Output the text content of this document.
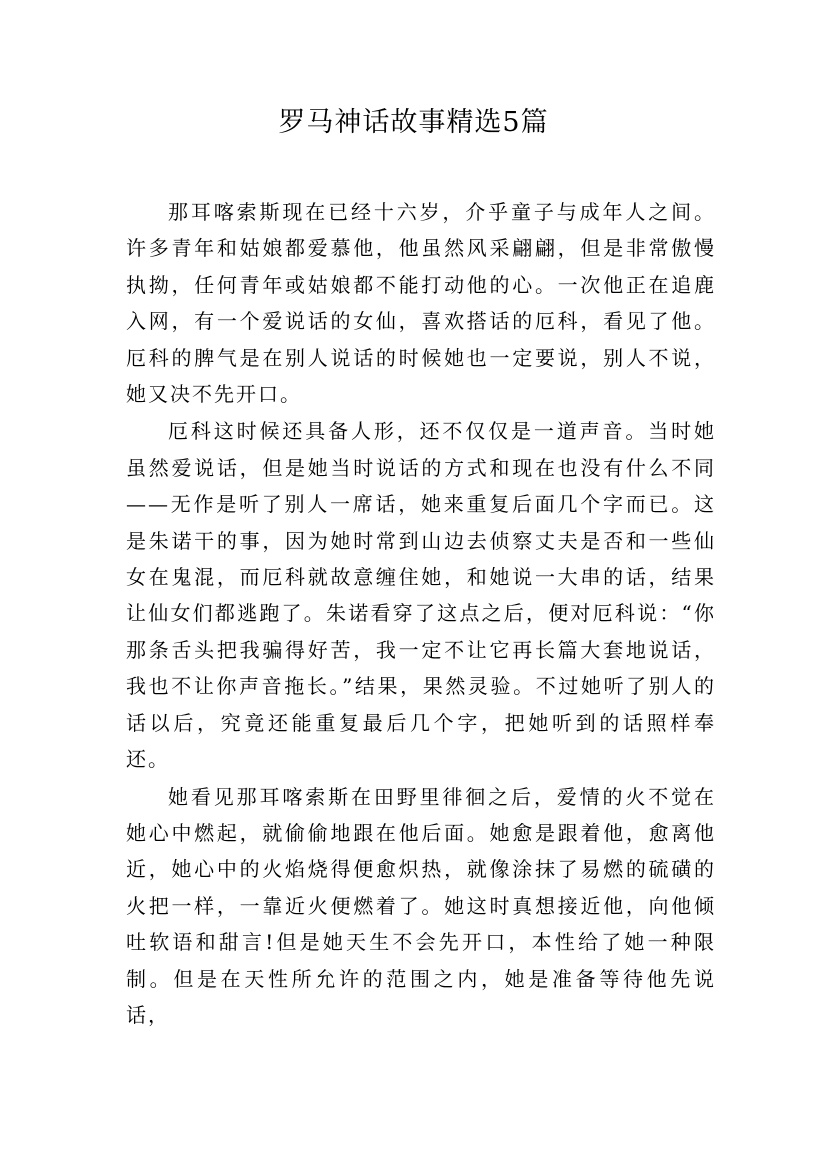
罗马神话故事精选5篇

那耳喀索斯现在已经十六岁，介乎童子与成年人之间。许多青年和姑娘都爱慕他，他虽然风采翩翩，但是非常傲慢执拗，任何青年或姑娘都不能打动他的心。一次他正在追鹿入网，有一个爱说话的女仙，喜欢搭话的厄科，看见了他。厄科的脾气是在别人说话的时候她也一定要说，别人不说，她又决不先开口。

厄科这时候还具备人形，还不仅仅是一道声音。当时她虽然爱说话，但是她当时说话的方式和现在也没有什么不同——无作是听了别人一席话，她来重复后面几个字而已。这是朱诺干的事，因为她时常到山边去侦察丈夫是否和一些仙女在鬼混，而厄科就故意缠住她，和她说一大串的话，结果让仙女们都逃跑了。朱诺看穿了这点之后，便对厄科说：“你那条舌头把我骗得好苦，我一定不让它再长篇大套地说话，我也不让你声音拖长。”结果，果然灵验。不过她听了别人的话以后，究竟还能重复最后几个字，把她听到的话照样奉还。

她看见那耳喀索斯在田野里徘徊之后，爱情的火不觉在她心中燃起，就偷偷地跟在他后面。她愈是跟着他，愈离他近，她心中的火焰烧得便愈炽热，就像涂抹了易燃的硫磺的火把一样，一靠近火便燃着了。她这时真想接近他，向他倾吐软语和甜言!但是她天生不会先开口，本性给了她一种限制。但是在天性所允许的范围之内，她是准备等待他先说话，
